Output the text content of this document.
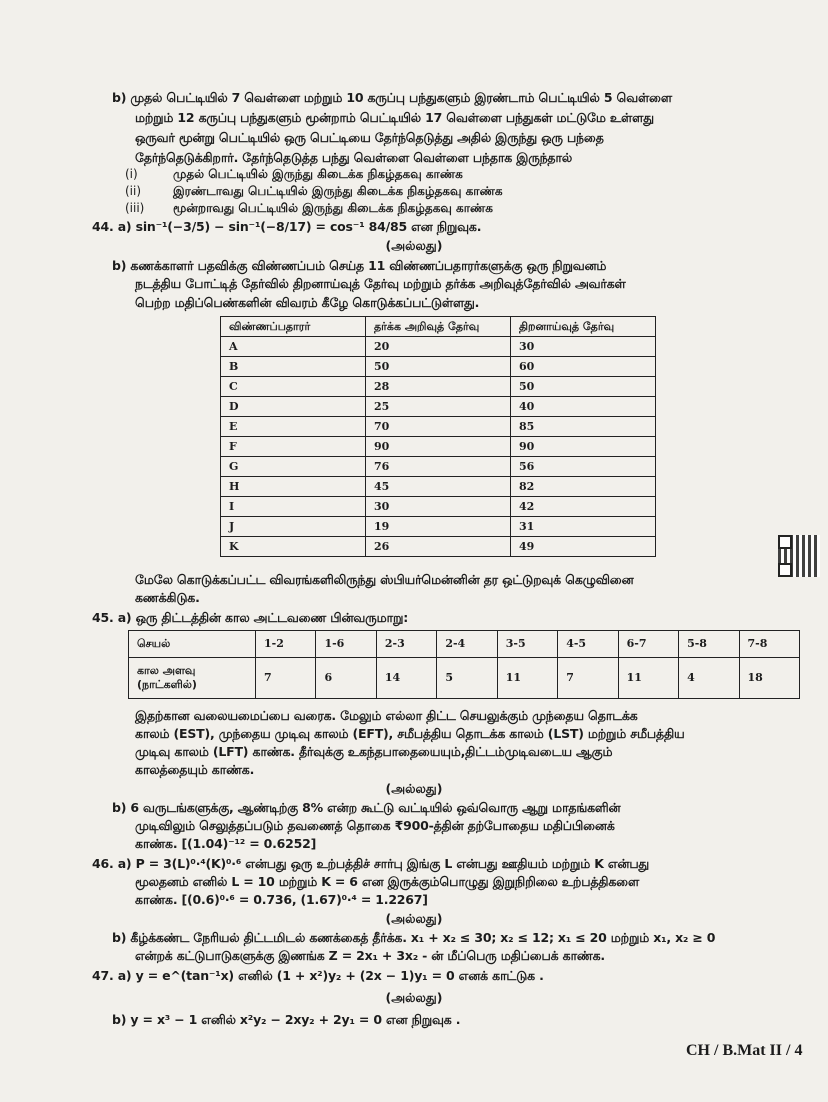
b) முதல் பெட்டியில் 7 வெள்ளை மற்றும் 10 கருப்பு பந்துகளும் இரண்டாம் பெட்டியில் 5 வெள்ளை
மற்றும் 12 கருப்பு பந்துகளும் மூன்றாம் பெட்டியில் 17 வெள்ளை பந்துகள் மட்டுமே உள்ளது
ஒருவர் மூன்று பெட்டியில் ஒரு பெட்டியை தேர்ந்தெடுத்து அதில் இருந்து ஒரு பந்தை
தேர்ந்தெடுக்கிறார். தேர்ந்தெடுத்த பந்து வெள்ளை வெள்ளை பந்தாக இருந்தால்
(i)	முதல் பெட்டியில் இருந்து கிடைக்க நிகழ்தகவு காண்க
(ii)	இரண்டாவது பெட்டியில் இருந்து கிடைக்க நிகழ்தகவு காண்க
(iii) மூன்றாவது பெட்டியில் இருந்து கிடைக்க நிகழ்தகவு காண்க
44. a) sin⁻¹(−3/5) − sin⁻¹(−8/17) = cos⁻¹ 84/85 என நிறுவுக.
(அல்லது)
b) கணக்காளர் பதவிக்கு விண்ணப்பம் செய்த 11 விண்ணப்பதாரர்களுக்கு ஒரு நிறுவனம்
நடத்திய போட்டித் தேர்வில் திறனாய்வுத் தேர்வு மற்றும் தர்க்க அறிவுத்தேர்வில் அவர்கள்
விண்ணப்பதாரர்	தர்க்க அறிவுத் தேர்வு	திறனாய்வுத் தேர்வு
A	20	30
B	50	60
C	28	50
D	25	40
E	70	85
F	90	90
G	76	56
H	45	82
I	30	42
J	19	31
K	26	49
பெற்ற மதிப்பெண்களின் விவரம் கீழே கொடுக்கப்பட்டுள்ளது.
மேலே கொடுக்கப்பட்ட விவரங்களிலிருந்து ஸ்பியர்மென்னின் தர ஒட்டுறவுக் கெழுவினை
கணக்கிடுக.
45. a) ஒரு திட்டத்தின் கால அட்டவணை பின்வருமாறு:
செயல்	1-2	1-6	2-3	2-4	3-5	4-5	6-7	5-8	7-8
கால அளவு (நாட்களில்)	7	6	14	5	11	7	11	4	18
இதற்கான வலையமைப்பை வரைக. மேலும் எல்லா திட்ட செயலுக்கும் முந்தைய தொடக்க
காலம் (EST), முந்தைய முடிவு காலம் (EFT), சமீபத்திய தொடக்க காலம் (LST) மற்றும் சமீபத்திய
முடிவு காலம் (LFT) காண்க. தீர்வுக்கு உகந்தபாதையையும்,திட்டம்முடிவடைய ஆகும்
காலத்தையும் காண்க.
(அல்லது)
b) 6 வருடங்களுக்கு, ஆண்டிற்கு 8% என்ற கூட்டு வட்டியில் ஒவ்வொரு ஆறு மாதங்களின்
முடிவிலும் செலுத்தப்படும் தவணைத் தொகை ₹900-த்தின் தற்போதைய மதிப்பினைக்
காண்க. [(1.04)⁻¹² = 0.6252]
46. a) P = 3(L)⁰·⁴(K)⁰·⁶ என்பது ஒரு உற்பத்திச் சார்பு இங்கு L என்பது ஊதியம் மற்றும் K என்பது
மூலதனம் எனில் L = 10 மற்றும் K = 6 என இருக்கும்பொழுது இறுநிறிலை உற்பத்திகளை
காண்க. [(0.6)⁰·⁶ = 0.736, (1.67)⁰·⁴ = 1.2267]
(அல்லது)
b) கீழ்க்கண்ட நேரியல் திட்டமிடல் கணக்கைத் தீர்க்க. x₁ + x₂ ≤ 30; x₂ ≤ 12; x₁ ≤ 20 மற்றும் x₁, x₂ ≥ 0
என்றக் கட்டுபாடுகளுக்கு இணங்க Z = 2x₁ + 3x₂ - ன் மீப்பெரு மதிப்பைக் காண்க.
47. a) y = e^(tan⁻¹x) எனில் (1 + x²)y₂ + (2x − 1)y₁ = 0 எனக் காட்டுக .
(அல்லது)
b) y = x³ − 1 எனில் x²y₂ − 2xy₂ + 2y₁ = 0 என நிறுவுக .
CH / B.Mat II / 4
